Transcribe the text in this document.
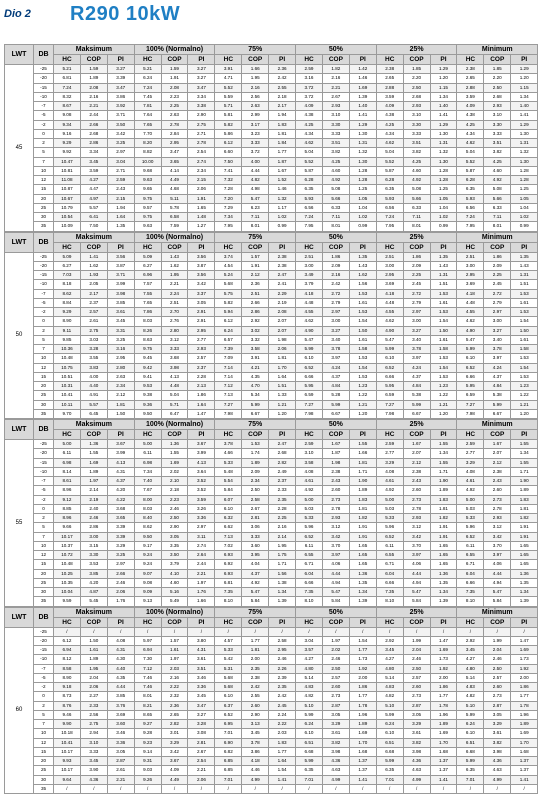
Dio 2 R290 10kW
LWT	DB	Maksimum			100% (Normalno)			75%			50%			25%			Minimum		
		HC	COP	PI	HC	COP	PI	HC	COP	PI	HC	COP	PI	HC	COP	PI	HC	COP	PI
45	-25	5.21	1.59	3.27	5.21	1.59	3.27	3.91	1.66	2.36	2.59	1.82	1.42	2.38	1.85	1.29	2.38	1.85	1.29
	-20	6.81	1.89	3.39	6.24	1.91	3.27	4.71	1.95	2.42	3.16	2.16	1.46	2.65	2.20	1.20	2.65	2.20	1.20
	-15	7.24	2.08	3.47	7.24	2.08	3.47	5.52	2.16	2.55	3.72	2.21	1.69	2.88	2.50	1.15	2.88	2.50	1.15
	-10	8.32	2.16	3.86	7.45	2.23	3.34	5.59	2.56	2.18	3.72	2.67	1.39	3.59	2.68	1.34	3.59	2.68	1.34
	-7	8.67	2.21	3.92	7.81	2.25	3.38	5.71	2.63	2.17	4.09	2.93	1.40	4.09	2.93	1.40	4.09	2.93	1.40
	-5	9.08	2.44	3.71	7.64	2.63	2.90	5.81	2.99	1.94	4.38	3.10	1.41	4.38	3.10	1.41	4.38	3.10	1.41
	-2	9.34	2.66	3.50	7.65	2.78	2.75	5.82	3.17	1.83	4.25	3.30	1.29	4.25	3.30	1.29	4.25	3.30	1.29
	0	9.16	2.68	3.42	7.70	2.84	2.71	5.86	3.23	1.81	4.34	3.33	1.30	4.34	3.33	1.30	4.34	3.33	1.30
	2	9.29	2.86	3.25	8.20	2.95	2.78	6.12	3.33	1.84	4.62	3.51	1.31	4.62	3.51	1.31	4.62	3.51	1.31
	5	9.92	3.34	2.97	8.82	3.47	2.54	6.60	3.72	1.77	5.04	3.82	1.32	5.04	3.82	1.32	5.04	3.82	1.32
	7	10.47	3.45	3.04	10.00	3.65	2.74	7.50	4.00	1.87	5.52	4.25	1.30	5.52	4.25	1.30	5.52	4.25	1.30
	10	10.81	3.59	2.71	9.68	4.14	2.34	7.41	4.44	1.67	5.87	4.60	1.28	5.87	4.60	1.28	5.87	4.60	1.28
	12	11.08	4.27	2.59	9.63	4.49	2.15	7.32	4.82	1.52	6.28	4.92	1.28	6.28	4.92	1.28	6.28	4.92	1.28
	15	10.87	4.47	2.43	9.65	4.68	2.06	7.28	4.98	1.46	6.35	5.08	1.25	6.35	5.08	1.25	6.35	5.08	1.25
	20	10.67	4.97	2.15	9.75	5.11	1.91	7.20	5.47	1.32	5.93	5.66	1.05	5.93	5.66	1.05	5.93	5.66	1.05
	25	10.79	5.57	1.94	9.57	5.78	1.65	7.29	6.23	1.17	6.56	6.33	1.04	6.56	6.33	1.04	6.56	6.33	1.04
	30	10.54	6.41	1.64	9.75	6.58	1.48	7.34	7.11	1.02	7.24	7.11	1.02	7.24	7.11	1.02	7.24	7.11	1.02
	35	10.09	7.50	1.35	9.63	7.59	1.27	7.95	8.01	0.99	7.95	8.01	0.99	7.95	8.01	0.99	7.95	8.01	0.99
LWT	DB	Maksimum			100% (Normalno)			75%			50%			25%			Minimum		
		HC	COP	PI	HC	COP	PI	HC	COP	PI	HC	COP	PI	HC	COP	PI	HC	COP	PI
50	-25	5.09	1.41	3.56	5.09	1.43	3.56	3.74	1.57	2.38	2.51	1.86	1.35	2.51	1.86	1.35	2.51	1.86	1.35
	-20	6.27	1.62	3.87	6.27	1.62	3.87	4.54	1.91	2.38	3.00	2.09	1.43	3.00	2.09	1.43	3.00	2.09	1.43
	-15	7.03	1.93	3.71	6.96	1.95	3.56	5.24	2.12	2.47	3.49	2.16	1.62	2.95	2.25	1.31	2.95	2.25	1.31
	-10	8.18	2.05	3.99	7.57	2.21	3.42	5.68	2.36	2.41	3.79	2.42	1.56	3.69	2.45	1.51	3.69	2.45	1.51
	-7	8.62	2.17	3.98	7.55	2.24	3.37	5.75	2.51	2.29	4.18	2.72	1.53	4.18	2.72	1.53	4.18	2.72	1.53
	-5	8.84	2.37	3.85	7.65	2.51	3.05	5.82	2.66	2.19	4.48	2.79	1.61	4.48	2.79	1.61	4.48	2.79	1.61
	-2	9.29	2.57	3.61	7.86	2.70	2.91	5.94	2.86	2.08	4.55	2.97	1.53	4.55	2.97	1.53	4.55	2.97	1.53
	0	8.90	2.61	3.45	8.03	2.76	2.91	6.12	2.92	2.07	4.62	3.00	1.54	4.62	3.00	1.54	4.62	3.00	1.54
	2	9.11	2.75	3.31	8.26	2.80	2.95	6.24	3.02	2.07	4.90	3.27	1.50	4.90	3.27	1.50	4.90	3.27	1.50
	5	9.85	3.03	3.25	8.63	3.12	2.77	6.57	3.32	1.98	5.47	3.40	1.61	5.47	3.40	1.61	5.47	3.40	1.61
	7	10.36	3.28	3.16	9.75	3.33	2.93	7.39	3.58	2.06	5.99	3.78	1.58	5.99	3.78	1.58	5.99	3.78	1.58
	10	10.48	3.55	2.95	9.45	3.68	2.57	7.09	3.91	1.81	6.10	3.97	1.53	6.10	3.97	1.53	6.10	3.97	1.53
	12	10.75	3.83	2.80	9.42	3.98	2.37	7.14	4.21	1.70	6.52	4.24	1.54	6.52	4.24	1.54	6.52	4.24	1.54
	15	10.51	4.00	2.63	9.41	4.13	2.28	7.14	4.35	1.64	6.66	4.37	1.53	6.66	4.37	1.53	6.66	4.37	1.53
	20	10.31	4.40	2.34	9.53	4.48	2.13	7.12	4.70	1.51	5.95	4.84	1.23	5.95	4.84	1.23	5.95	4.84	1.23
	25	10.41	4.91	2.12	9.38	5.04	1.86	7.13	5.34	1.33	6.59	5.28	1.22	6.59	5.38	1.22	6.59	5.38	1.22
	30	10.11	5.57	1.81	9.36	5.71	1.64	7.27	5.99	1.21	7.27	5.99	1.21	7.27	5.99	1.21	7.27	5.99	1.21
	35	9.70	6.45	1.50	9.50	6.47	1.47	7.98	6.67	1.20	7.98	6.67	1.20	7.98	6.67	1.20	7.98	6.67	1.20
LWT	DB	Maksimum			100% (Normalno)			75%			50%			25%			Minimum		
		HC	COP	PI	HC	COP	PI	HC	COP	PI	HC	COP	PI	HC	COP	PI	HC	COP	PI
55	-25	5.00	1.36	3.67	5.00	1.36	3.67	3.78	1.53	2.47	2.59	1.67	1.55	2.59	1.67	1.55	2.59	1.67	1.55
	-20	6.11	1.55	3.99	6.11	1.55	3.99	4.66	1.74	2.68	3.10	1.87	1.66	2.77	2.07	1.34	2.77	2.07	1.34
	-15	6.98	1.69	4.13	6.98	1.69	4.13	5.33	1.89	2.82	3.58	1.98	1.81	3.29	2.12	1.55	3.29	2.12	1.55
	-10	8.14	1.89	4.31	7.34	2.02	3.64	5.48	2.09	2.49	4.08	2.38	1.71	4.08	2.38	1.71	4.08	2.38	1.71
	-7	8.61	1.97	4.37	7.40	2.10	3.52	5.54	2.34	2.37	4.61	2.43	1.90	4.61	2.43	1.90	4.61	2.43	1.90
	-5	8.96	2.14	4.20	7.67	2.18	3.52	5.84	2.50	2.33	4.92	2.60	1.89	4.92	2.60	1.89	4.92	2.60	1.89
	-2	9.12	2.19	4.22	8.00	2.23	3.59	6.07	2.58	2.35	5.00	2.73	1.83	5.00	2.73	1.83	5.00	2.73	1.83
	0	8.85	2.40	3.68	8.03	2.46	3.26	6.10	2.67	2.28	5.03	2.78	1.81	5.03	2.78	1.81	5.03	2.78	1.81
	2	8.96	2.46	3.65	8.40	2.50	3.36	6.32	2.81	2.25	5.33	2.93	1.82	5.33	2.93	1.82	5.33	2.93	1.82
	5	9.66	2.86	3.39	8.62	2.90	2.97	6.62	3.06	2.16	5.96	3.12	1.91	5.96	3.12	1.91	5.96	3.12	1.91
	7	10.17	3.00	3.39	9.50	3.05	3.11	7.13	3.33	2.14	6.52	3.42	1.91	6.52	3.42	1.91	6.52	3.42	1.91
	10	10.37	3.15	3.29	9.17	3.35	2.74	7.02	3.60	1.95	6.11	3.70	1.65	6.11	3.70	1.65	6.11	3.70	1.65
	12	10.72	3.30	3.25	9.24	3.50	2.64	6.93	3.95	1.75	6.55	3.97	1.65	6.55	3.97	1.65	6.55	3.97	1.65
	15	10.48	3.53	2.97	9.24	3.79	2.44	6.92	4.04	1.71	6.71	4.06	1.65	6.71	4.06	1.65	6.71	4.06	1.65
	20	10.25	3.85	2.66	9.07	4.10	2.21	6.93	4.37	1.56	6.04	4.44	1.36	6.04	4.44	1.36	6.04	4.44	1.36
	25	10.35	4.20	2.46	9.08	4.60	1.97	6.81	4.92	1.38	6.66	4.94	1.35	6.66	4.94	1.35	6.66	4.94	1.35
	30	10.04	4.87	2.06	9.09	5.16	1.76	7.35	5.47	1.34	7.35	5.47	1.34	7.35	5.47	1.34	7.35	5.47	1.34
	35	9.59	5.45	1.76	9.13	5.49	1.66	8.10	5.84	1.39	8.10	5.84	1.39	8.10	5.84	1.39	8.10	5.84	1.39
LWT	DB	Maksimum			100% (Normalno)			75%			50%			25%			Minimum		
		HC	COP	PI	HC	COP	PI	HC	COP	PI	HC	COP	PI	HC	COP	PI	HC	COP	PI
60	-25	/	/	/	/	/	/	/	/	/	/	/	/	/	/	/	/	/	/
	-20	6.12	1.50	4.08	5.97	1.57	3.80	4.57	1.77	2.58	3.04	1.97	1.54	2.92	1.99	1.47	2.92	1.99	1.47
	-15	6.94	1.61	4.31	6.94	1.61	4.31	5.33	1.81	2.95	3.57	2.02	1.77	3.45	2.04	1.69	3.45	2.04	1.69
	-10	8.12	1.89	4.30	7.30	1.97	3.61	5.42	2.00	2.46	4.27	2.46	1.73	4.27	2.46	1.73	4.27	2.46	1.73
	-7	8.58	1.95	4.40	7.12	2.03	3.51	5.31	2.35	2.26	4.80	2.50	1.92	4.80	2.50	1.92	4.80	2.50	1.92
	-5	8.90	2.04	4.35	7.46	2.16	3.46	5.68	2.38	2.39	5.14	2.57	2.00	5.14	2.57	2.00	5.14	2.57	2.00
	-2	9.18	2.06	4.44	7.46	2.22	3.36	5.68	2.42	2.35	4.83	2.60	1.86	4.83	2.60	1.86	4.83	2.60	1.86
	0	8.73	2.27	3.85	8.01	2.32	3.45	6.10	2.55	2.42	4.82	2.73	1.77	4.82	2.73	1.77	4.82	2.73	1.77
	2	8.76	2.33	3.76	8.21	2.36	3.47	6.37	2.60	2.45	5.10	2.87	1.78	5.10	2.87	1.78	5.10	2.87	1.78
	5	9.46	2.56	3.69	8.65	2.65	3.27	6.52	2.90	2.24	5.99	3.05	1.96	5.99	3.05	1.96	5.99	3.05	1.96
	7	9.90	2.75	3.60	9.27	2.82	3.28	6.95	3.13	2.22	6.24	3.29	1.89	6.24	3.29	1.89	6.24	3.29	1.89
	10	10.18	2.94	3.46	9.28	3.01	3.08	7.01	3.45	2.03	6.10	3.61	1.69	6.10	3.61	1.69	6.10	3.61	1.69
	12	10.41	3.10	3.36	9.23	3.29	2.81	6.90	3.78	1.83	6.51	3.82	1.70	6.51	3.82	1.70	6.51	3.82	1.70
	15	10.17	3.33	3.05	9.14	3.42	2.67	6.82	3.86	1.77	6.68	3.98	1.68	6.68	3.98	1.68	6.68	3.98	1.68
	20	9.93	3.45	2.87	9.31	3.67	2.54	6.85	4.18	1.64	5.99	4.36	1.37	5.99	4.36	1.37	5.99	4.36	1.37
	25	10.17	3.90	2.61	9.03	4.09	2.21	6.85	4.46	1.54	6.35	4.63	1.37	6.35	4.63	1.37	6.35	4.63	1.37
	30	9.64	4.36	2.21	9.26	4.49	2.06	7.01	4.99	1.41	7.01	4.99	1.41	7.01	4.99	1.41	7.01	4.99	1.41
	35	/	/	/	/	/	/	/	/	/	/	/	/	/	/	/	/	/	/
